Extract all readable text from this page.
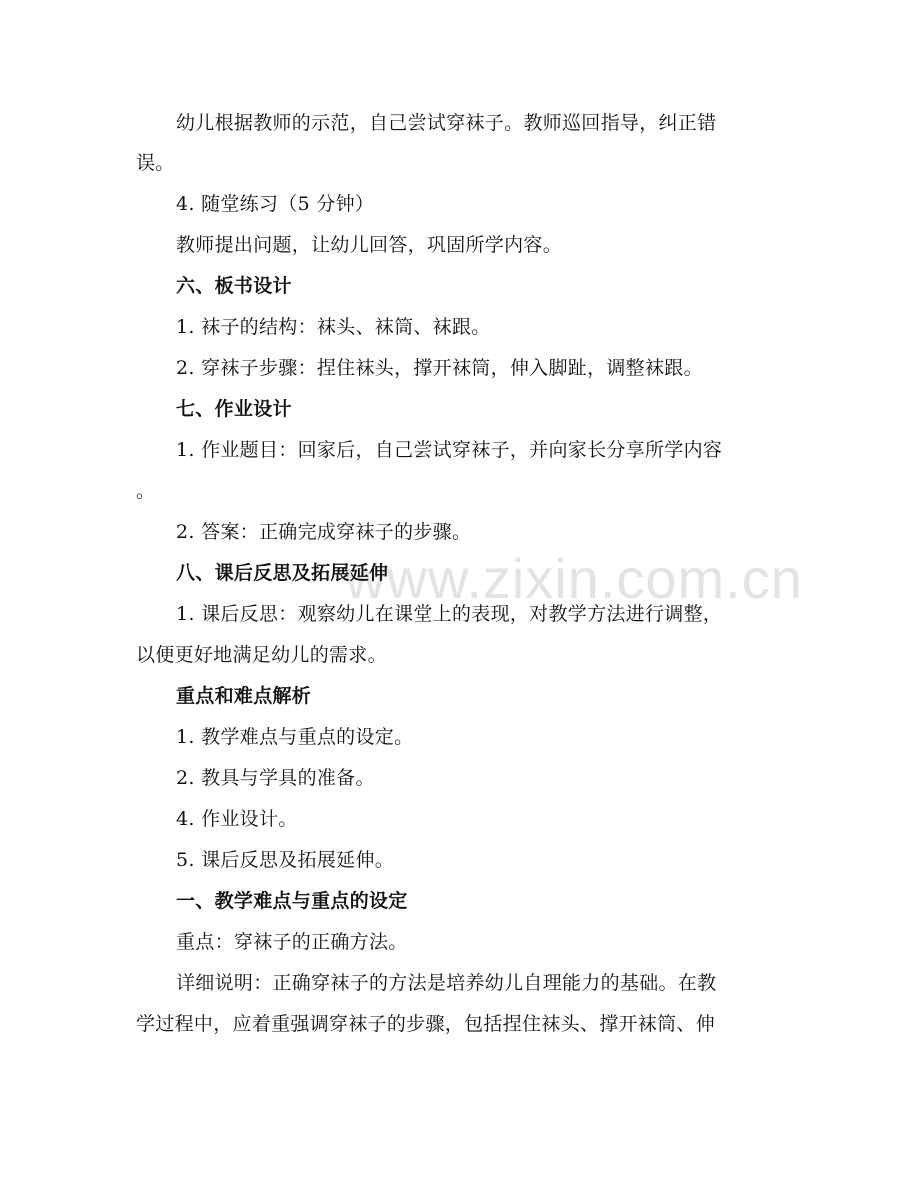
www.zixin.com.cn
幼儿根据教师的示范，自己尝试穿袜子。教师巡回指导，纠正错
误。
4. 随堂练习（5 分钟）
教师提出问题，让幼儿回答，巩固所学内容。
六、板书设计
1. 袜子的结构：袜头、袜筒、袜跟。
2. 穿袜子步骤：捏住袜头，撑开袜筒，伸入脚趾，调整袜跟。
七、作业设计
1. 作业题目：回家后，自己尝试穿袜子，并向家长分享所学内容
。
2. 答案：正确完成穿袜子的步骤。
八、课后反思及拓展延伸
1. 课后反思：观察幼儿在课堂上的表现，对教学方法进行调整，
以便更好地满足幼儿的需求。
重点和难点解析
1. 教学难点与重点的设定。
2. 教具与学具的准备。
4. 作业设计。
5. 课后反思及拓展延伸。
一、教学难点与重点的设定
重点：穿袜子的正确方法。
详细说明：正确穿袜子的方法是培养幼儿自理能力的基础。在教
学过程中，应着重强调穿袜子的步骤，包括捏住袜头、撑开袜筒、伸
